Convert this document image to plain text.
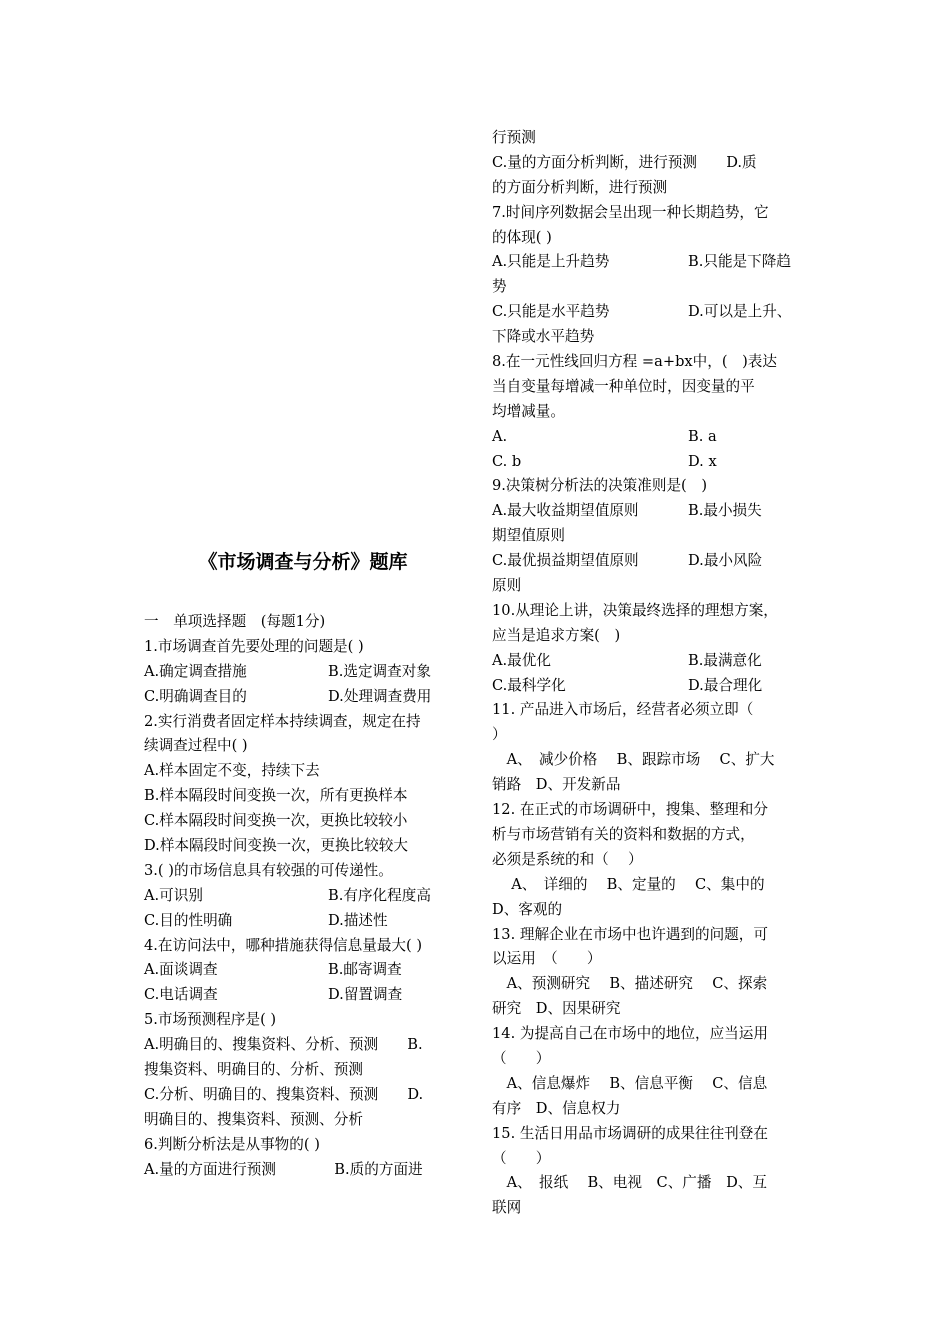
《市场调查与分析》题库
一　单项选择题　(每题1分)
1.市场调查首先要处理的问题是( )
A.确定调查措施	B.选定调查对象
C.明确调查目的	D.处理调查费用
2.实行消费者固定样本持续调查，规定在持
续调查过程中( )
A.样本固定不变，持续下去
B.样本隔段时间变换一次，所有更换样本
C.样本隔段时间变换一次，更换比较较小
D.样本隔段时间变换一次，更换比较较大
3.( )的市场信息具有较强的可传递性。
A.可识别	B.有序化程度高
C.目的性明确	D.描述性
4.在访问法中，哪种措施获得信息量最大( )
A.面谈调查	B.邮寄调查
C.电话调查	D.留置调查
5.市场预测程序是( )
A.明确目的、搜集资料、分析、预测　　B.
搜集资料、明确目的、分析、预测
C.分析、明确目的、搜集资料、预测　　D.
明确目的、搜集资料、预测、分析
6.判断分析法是从事物的( )
A.量的方面进行预测　　　　B.质的方面进
行预测
C.量的方面分析判断，进行预测　　D.质
的方面分析判断，进行预测
7.时间序列数据会呈出现一种长期趋势，它
的体现( )
A.只能是上升趋势	B.只能是下降趋
势
C.只能是水平趋势	D.可以是上升、
下降或水平趋势
8.在一元性线回归方程 =a+bx中，(　)表达
当自变量每增减一种单位时，因变量的平
均增减量。
A.	B. a
C. b	D. x
9.决策树分析法的决策准则是(　)
A.最大收益期望值原则	B.最小损失
期望值原则
C.最优损益期望值原则	D.最小风险
原则
10.从理论上讲，决策最终选择的理想方案，
应当是追求方案(　)
A.最优化	B.最满意化
C.最科学化	D.最合理化
11. 产品进入市场后，经营者必须立即（
）
　A、　减少价格　 B、跟踪市场　 C、扩大
销路　D、开发新品
12. 在正式的市场调研中，搜集、整理和分
析与市场营销有关的资料和数据的方式，
必须是系统的和（　 ）
　 A、　详细的　 B、定量的　 C、集中的
D、客观的
13. 理解企业在市场中也许遇到的问题，可
以运用　（　　）
　A、预测研究　 B、描述研究　 C、探索
研究　D、因果研究
14. 为提高自己在市场中的地位，应当运用
（　　）
　A、信息爆炸　 B、信息平衡　 C、信息
有序　D、信息权力
15. 生活日用品市场调研的成果往往刊登在
（　　）
　A、　报纸　 B、电视　C、广播　D、互
联网
